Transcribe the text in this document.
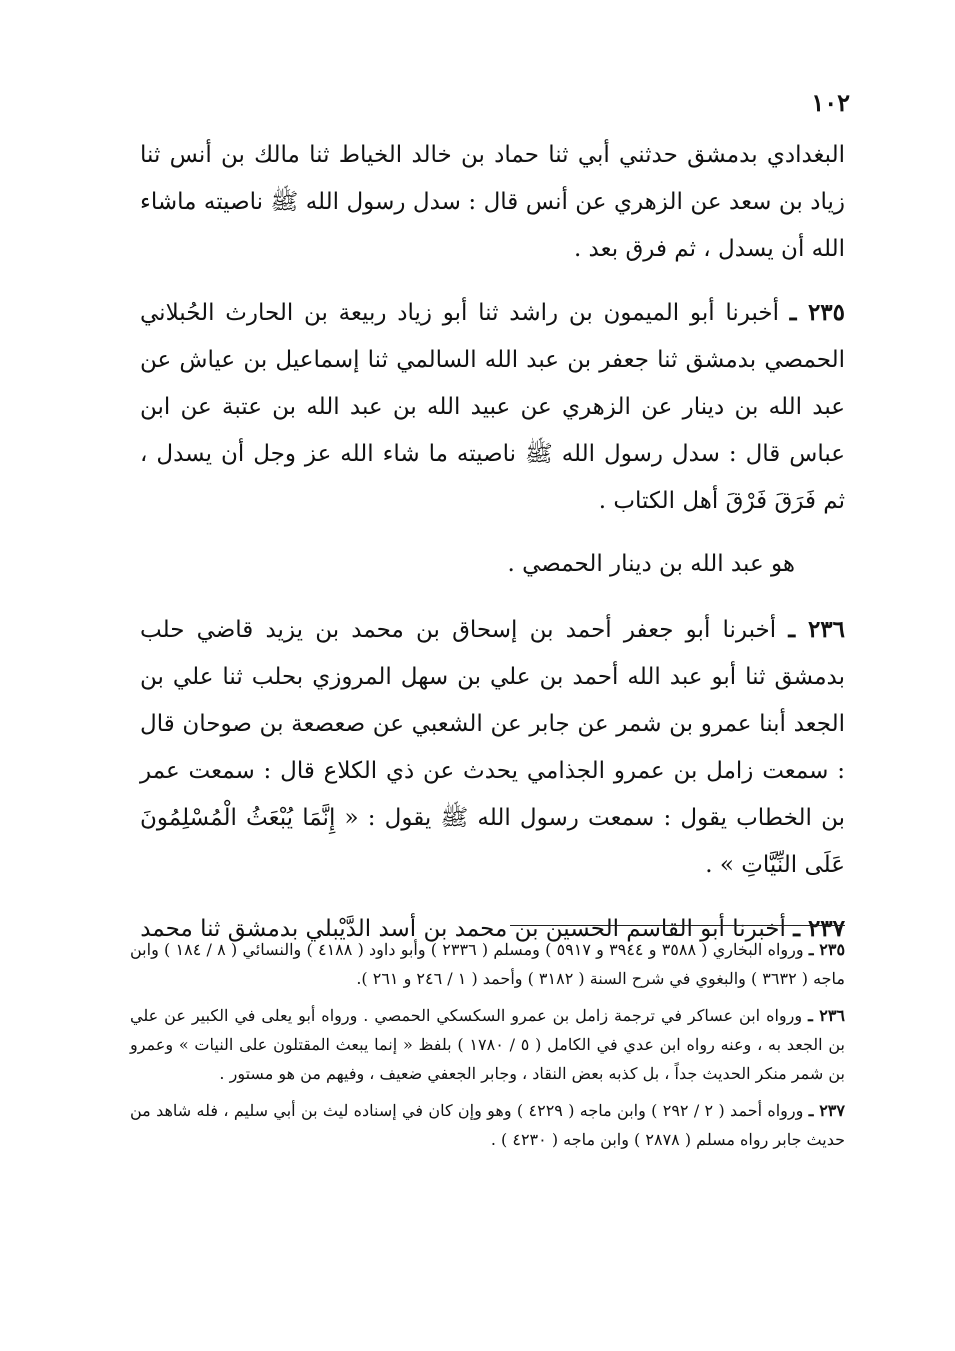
١٠٢

البغدادي بدمشق حدثني أبي ثنا حماد بن خالد الخياط ثنا مالك بن أنس ثنا زياد بن سعد عن الزهري عن أنس قال : سدل رسول الله ﷺ ناصيته ماشاء الله أن يسدل ، ثم فرق بعد .

٢٣٥ ـ أخبرنا أبو الميمون بن راشد ثنا أبو زياد ربيعة بن الحارث الحُبلاني الحمصي بدمشق ثنا جعفر بن عبد الله السالمي ثنا إسماعيل بن عياش عن عبد الله بن دينار عن الزهري عن عبيد الله بن عبد الله بن عتبة عن ابن عباس قال : سدل رسول الله ﷺ ناصيته ما شاء الله عز وجل أن يسدل ، ثم فَرَقَ فَرْقَ أهل الكتاب .

هو عبد الله بن دينار الحمصي .

٢٣٦ ـ أخبرنا أبو جعفر أحمد بن إسحاق بن محمد بن يزيد قاضي حلب بدمشق ثنا أبو عبد الله أحمد بن علي بن سهل المروزي بحلب ثنا علي بن الجعد أبنا عمرو بن شمر عن جابر عن الشعبي عن صعصعة بن صوحان قال : سمعت زامل بن عمرو الجذامي يحدث عن ذي الكلاع قال : سمعت عمر بن الخطاب يقول : سمعت رسول الله ﷺ يقول : « إِنَّمَا يُبْعَثُ الْمُسْلِمُونَ عَلَى النِّيَّاتِ » .

٢٣٧ ـ أخبرنا أبو القاسم الحسين بن محمد بن أسد الدَّيْبلي بدمشق ثنا محمد

٢٣٥ ـ ورواه البخاري ( ٣٥٨٨ و ٣٩٤٤ و ٥٩١٧ ) ومسلم ( ٢٣٣٦ ) وأبو داود ( ٤١٨٨ ) والنسائي ( ٨ / ١٨٤ ) وابن ماجه ( ٣٦٣٢ ) والبغوي في شرح السنة ( ٣١٨٢ ) وأحمد ( ١ / ٢٤٦ و ٢٦١ ).

٢٣٦ ـ ورواه ابن عساكر في ترجمة زامل بن عمرو السكسكي الحمصي . ورواه أبو يعلى في الكبير عن علي بن الجعد به ، وعنه رواه ابن عدي في الكامل ( ٥ / ١٧٨٠ ) بلفظ « إنما يبعث المقتلون على النيات » وعمرو بن شمر منكر الحديث جداً ، بل كذبه بعض النقاد ، وجابر الجعفي ضعيف ، وفيهم من هو مستور .

٢٣٧ ـ ورواه أحمد ( ٢ / ٢٩٢ ) وابن ماجه ( ٤٢٢٩ ) وهو وإن كان في إسناده ليث بن أبي سليم ، فله شاهد من حديث جابر رواه مسلم ( ٢٨٧٨ ) وابن ماجه ( ٤٢٣٠ ) .
